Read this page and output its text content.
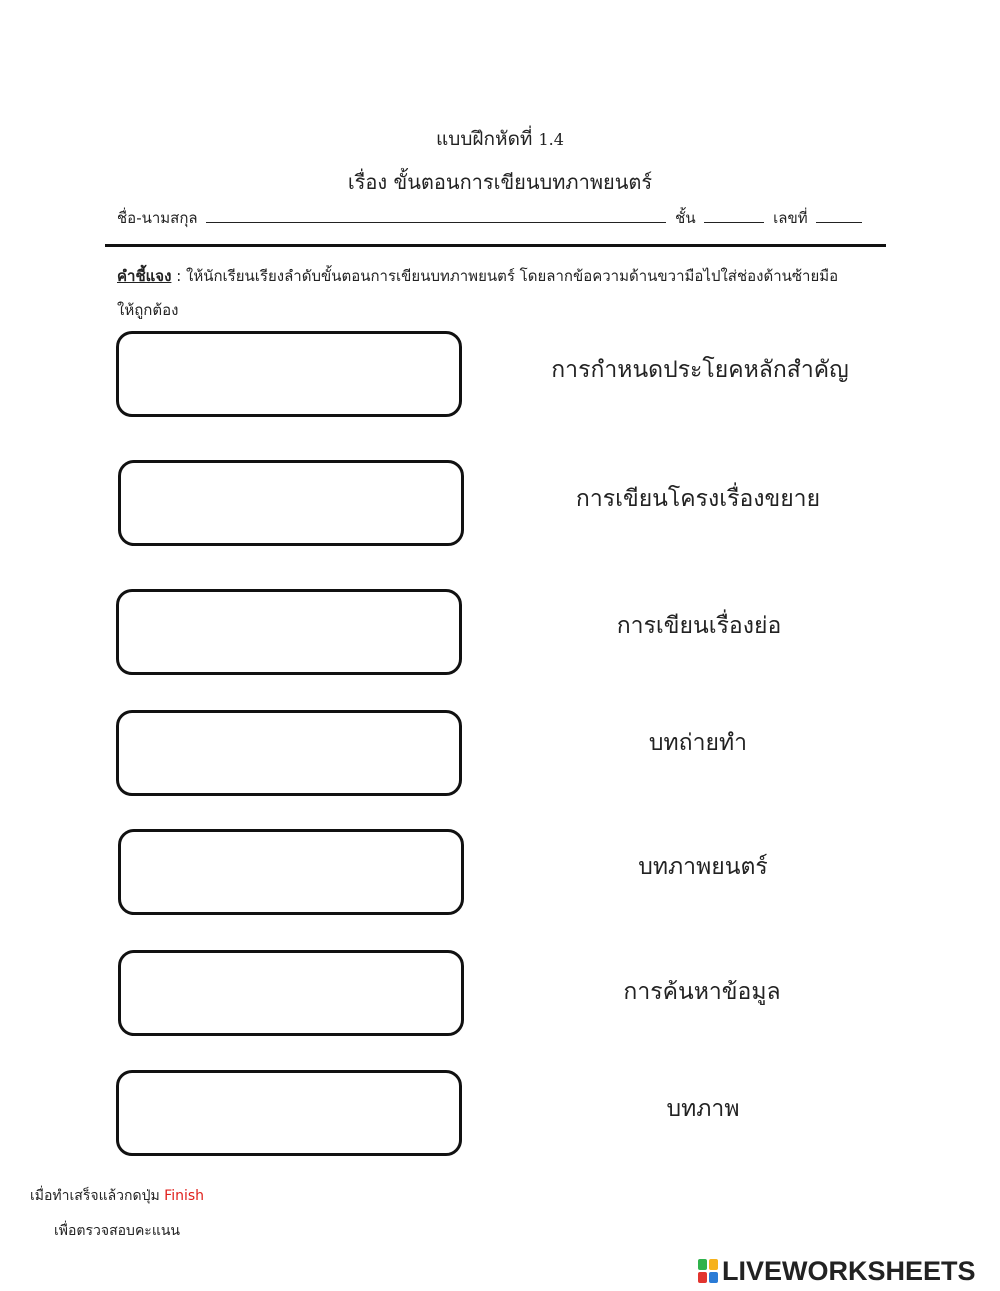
แบบฝึกหัดที่ 1.4
เรื่อง ขั้นตอนการเขียนบทภาพยนตร์
ชื่อ-นามสกุล	ชั้น	เลขที่
คำชี้แจง : ให้นักเรียนเรียงลำดับขั้นตอนการเขียนบทภาพยนตร์ โดยลากข้อความด้านขวามือไปใส่ช่องด้านซ้ายมือ
ให้ถูกต้อง
การกำหนดประโยคหลักสำคัญ
การเขียนโครงเรื่องขยาย
การเขียนเรื่องย่อ
บทถ่ายทำ
บทภาพยนตร์
การค้นหาข้อมูล
บทภาพ
เมื่อทำเสร็จแล้วกดปุ่ม Finish
เพื่อตรวจสอบคะแนน
LIVEWORKSHEETS
